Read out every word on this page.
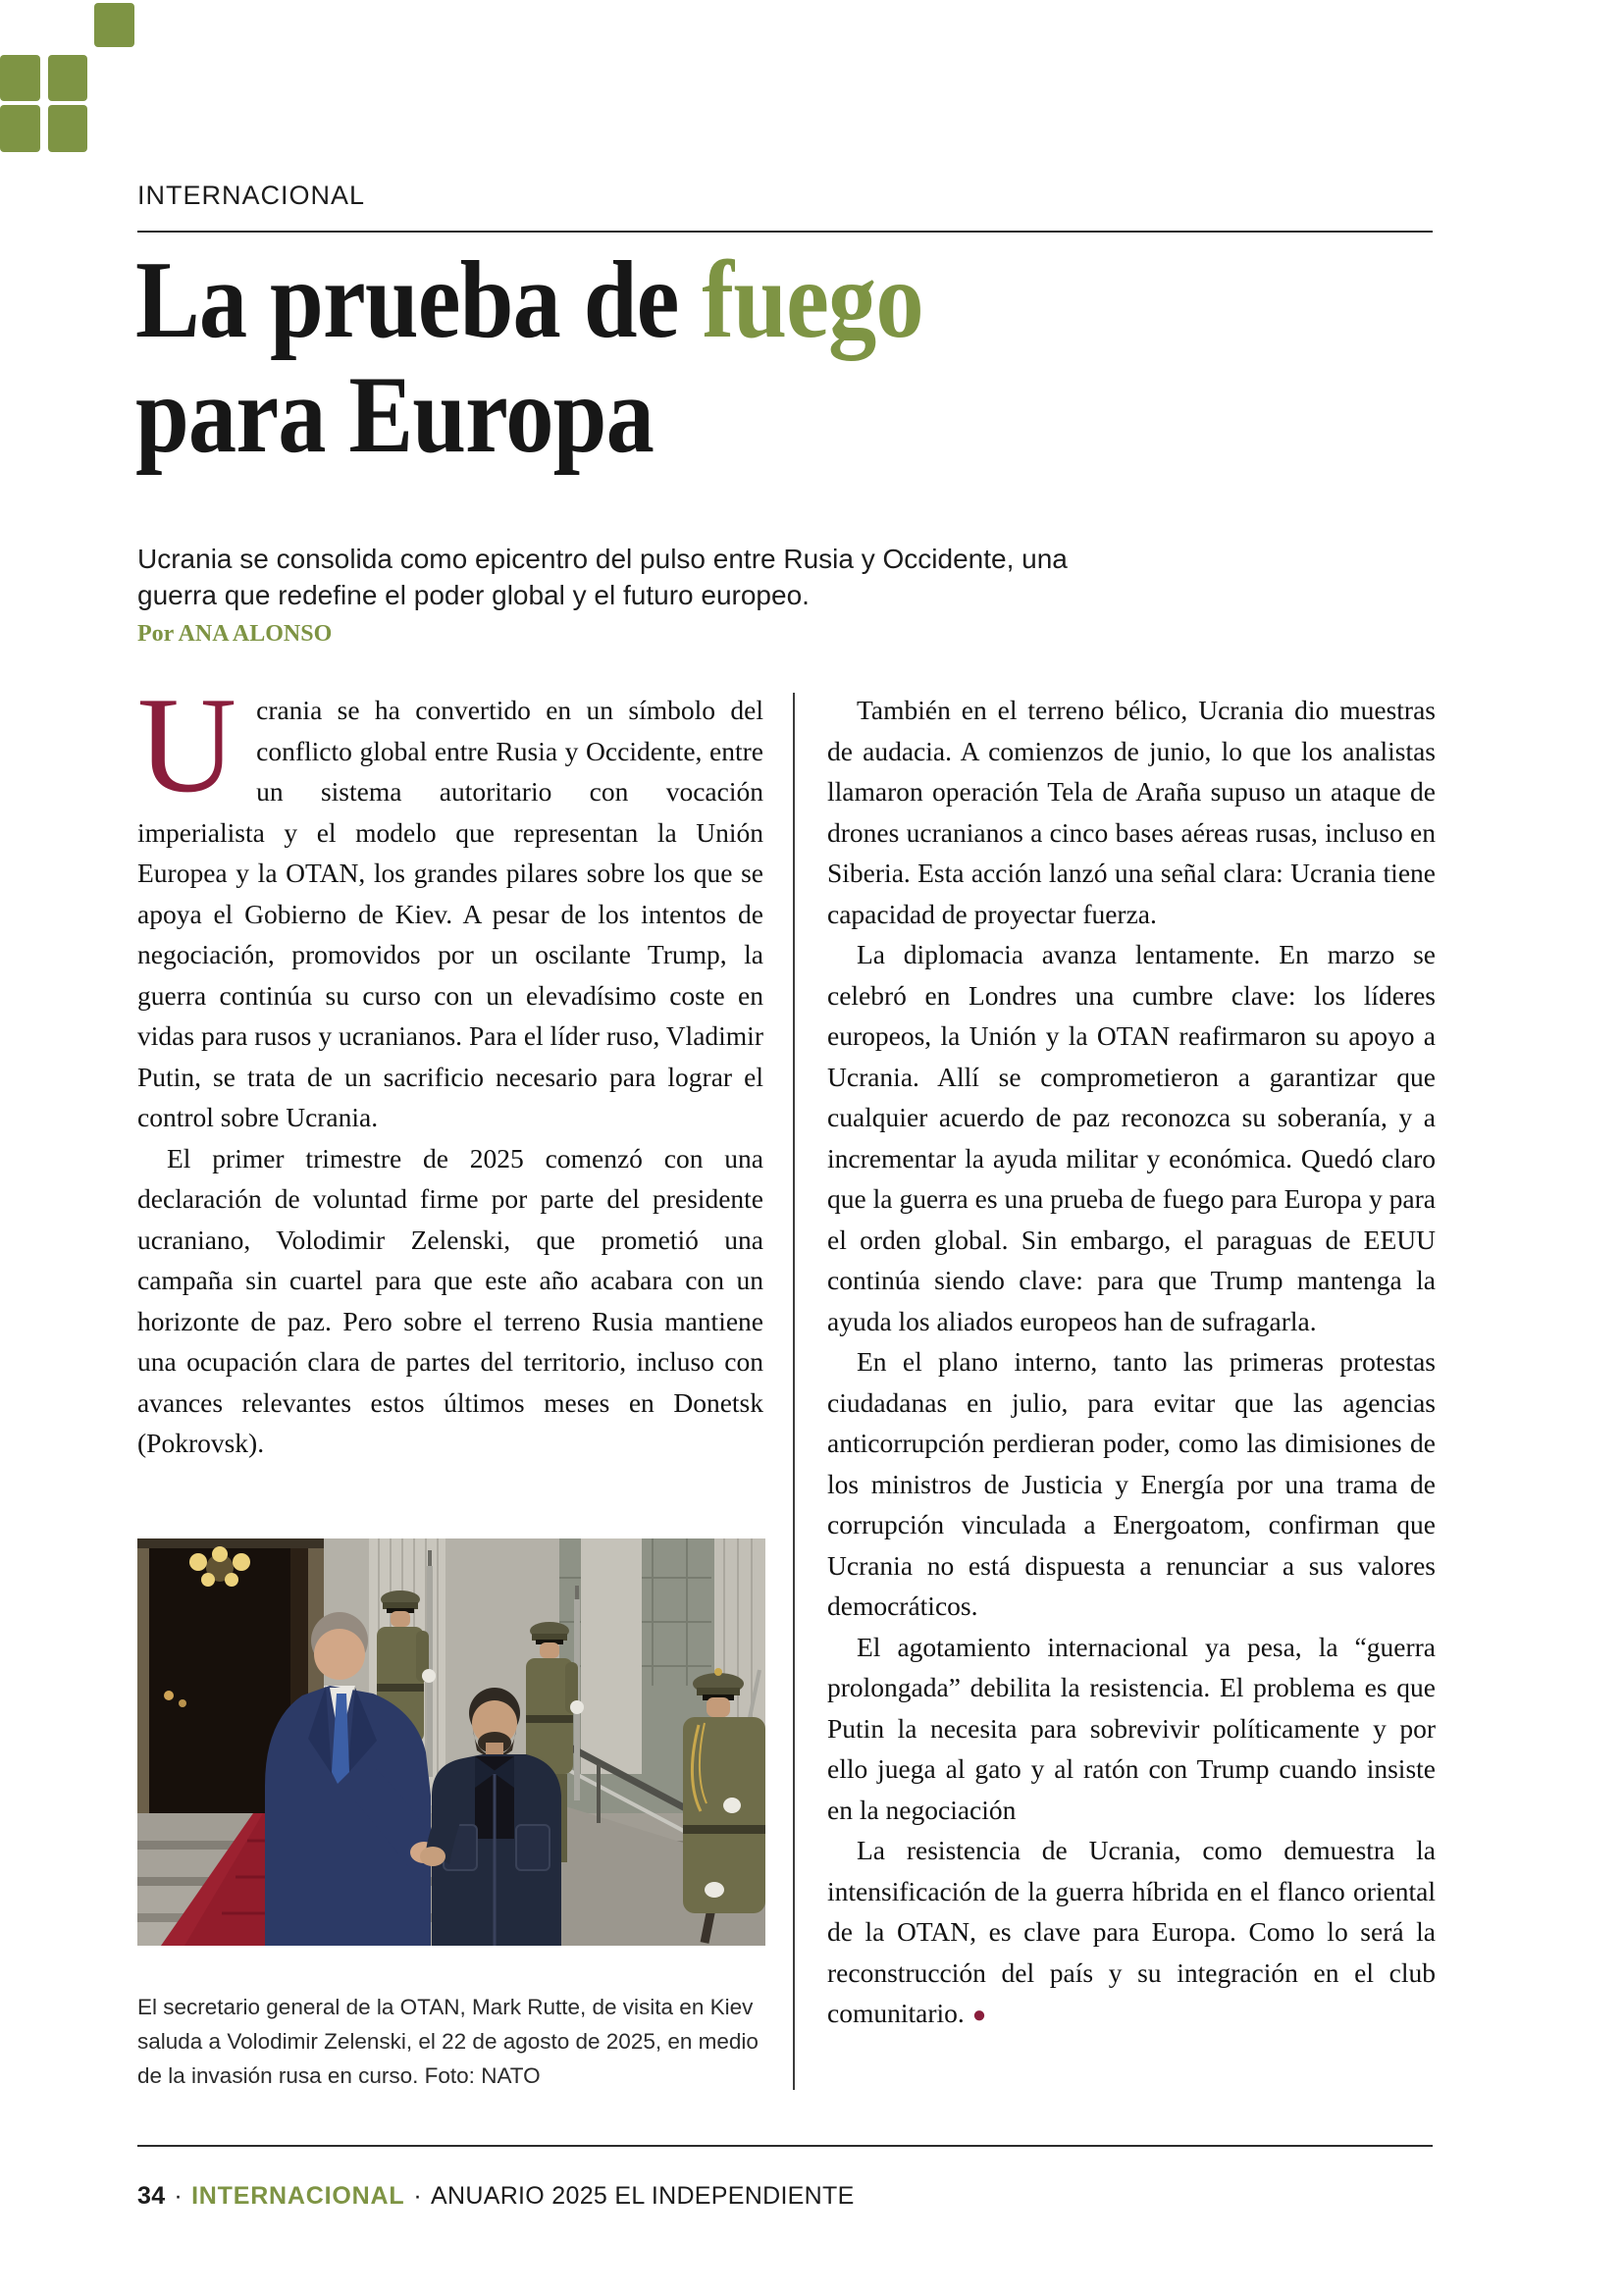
INTERNACIONAL
La prueba de fuego
para Europa
Ucrania se consolida como epicentro del pulso entre Rusia y Occidente, una guerra que redefine el poder global y el futuro europeo.
Por ANA ALONSO

Ucrania se ha convertido en un símbolo del conflicto global entre Rusia y Occidente, entre un sistema autoritario con vocación imperialista y el modelo que representan la Unión Europea y la OTAN, los grandes pilares sobre los que se apoya el Gobierno de Kiev. A pesar de los intentos de negociación, promovidos por un oscilante Trump, la guerra continúa su curso con un elevadísimo coste en vidas para rusos y ucranianos. Para el líder ruso, Vladimir Putin, se trata de un sacrificio necesario para lograr el control sobre Ucrania.

El primer trimestre de 2025 comenzó con una declaración de voluntad firme por parte del presidente ucraniano, Volodimir Zelenski, que prometió una campaña sin cuartel para que este año acabara con un horizonte de paz. Pero sobre el terreno Rusia mantiene una ocupación clara de partes del territorio, incluso con avances relevantes estos últimos meses en Donetsk (Pokrovsk).

También en el terreno bélico, Ucrania dio muestras de audacia. A comienzos de junio, lo que los analistas llamaron operación Tela de Araña supuso un ataque de drones ucranianos a cinco bases aéreas rusas, incluso en Siberia. Esta acción lanzó una señal clara: Ucrania tiene capacidad de proyectar fuerza.

La diplomacia avanza lentamente. En marzo se celebró en Londres una cumbre clave: los líderes europeos, la Unión y la OTAN reafirmaron su apoyo a Ucrania. Allí se comprometieron a garantizar que cualquier acuerdo de paz reconozca su soberanía, y a incrementar la ayuda militar y económica. Quedó claro que la guerra es una prueba de fuego para Europa y para el orden global. Sin embargo, el paraguas de EEUU continúa siendo clave: para que Trump mantenga la ayuda los aliados europeos han de sufragarla.

En el plano interno, tanto las primeras protestas ciudadanas en julio, para evitar que las agencias anticorrupción perdieran poder, como las dimisiones de los ministros de Justicia y Energía por una trama de corrupción vinculada a Energoatom, confirman que Ucrania no está dispuesta a renunciar a sus valores democráticos.

El agotamiento internacional ya pesa, la “guerra prolongada” debilita la resistencia. El problema es que Putin la necesita para sobrevivir políticamente y por ello juega al gato y al ratón con Trump cuando insiste en la negociación

La resistencia de Ucrania, como demuestra la intensificación de la guerra híbrida en el flanco oriental de la OTAN, es clave para Europa. Como lo será la reconstrucción del país y su integración en el club comunitario. ●

El secretario general de la OTAN, Mark Rutte, de visita en Kiev saluda a Volodimir Zelenski, el 22 de agosto de 2025, en medio de la invasión rusa en curso. Foto: NATO
34 · INTERNACIONAL · ANUARIO 2025 EL INDEPENDIENTE
